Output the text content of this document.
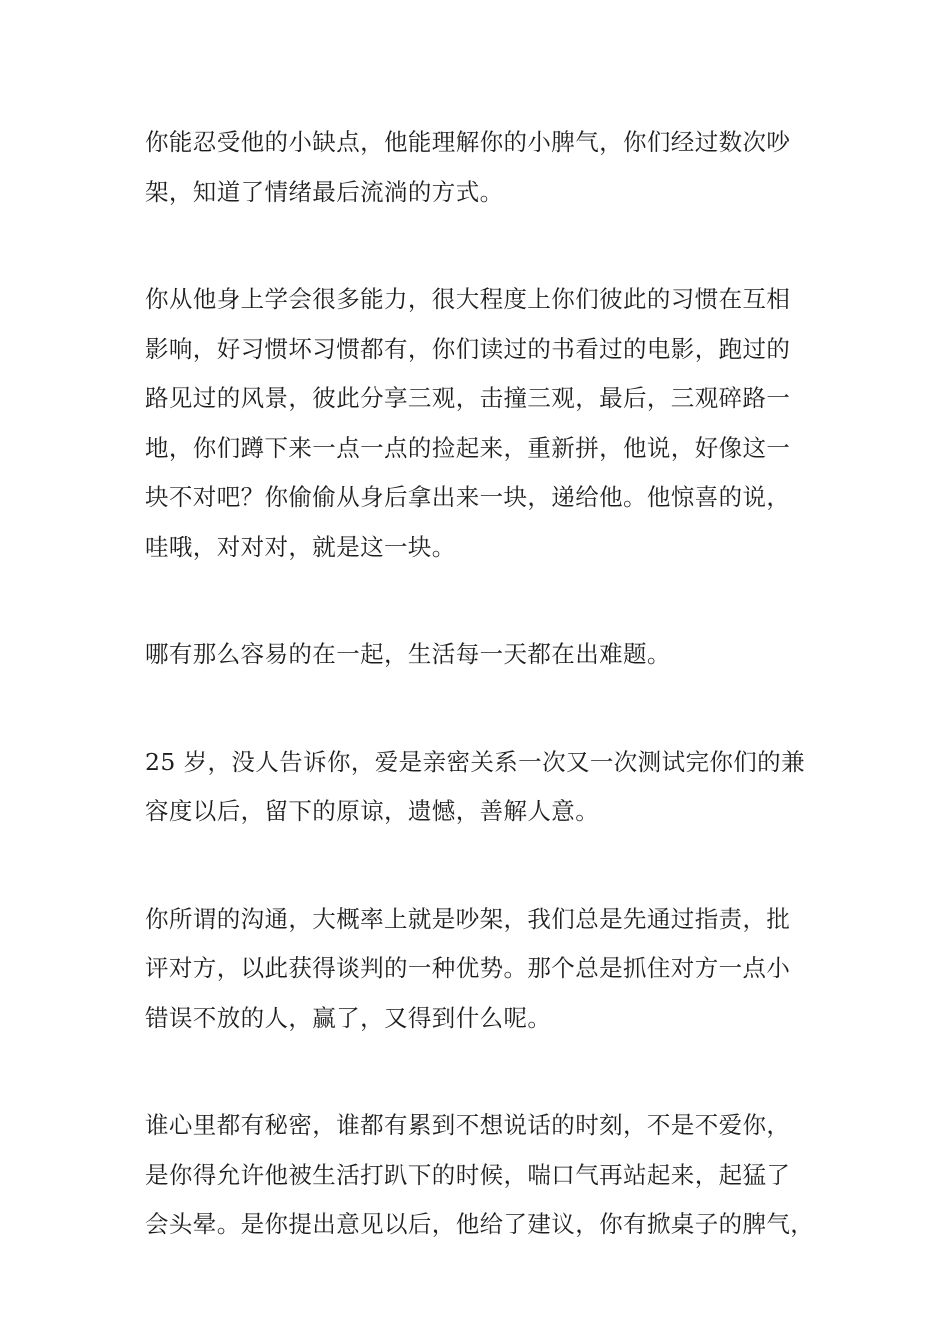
你能忍受他的小缺点，他能理解你的小脾气，你们经过数次吵
架，知道了情绪最后流淌的方式。

你从他身上学会很多能力，很大程度上你们彼此的习惯在互相
影响，好习惯坏习惯都有，你们读过的书看过的电影，跑过的
路见过的风景，彼此分享三观，击撞三观，最后，三观碎路一
地，你们蹲下来一点一点的捡起来，重新拼，他说，好像这一
块不对吧？你偷偷从身后拿出来一块，递给他。他惊喜的说，
哇哦，对对对，就是这一块。

哪有那么容易的在一起，生活每一天都在出难题。

25 岁，没人告诉你，爱是亲密关系一次又一次测试完你们的兼
容度以后，留下的原谅，遗憾，善解人意。

你所谓的沟通，大概率上就是吵架，我们总是先通过指责，批
评对方，以此获得谈判的一种优势。那个总是抓住对方一点小
错误不放的人，赢了，又得到什么呢。

谁心里都有秘密，谁都有累到不想说话的时刻，不是不爱你，
是你得允许他被生活打趴下的时候，喘口气再站起来，起猛了
会头晕。是你提出意见以后，他给了建议，你有掀桌子的脾气，
